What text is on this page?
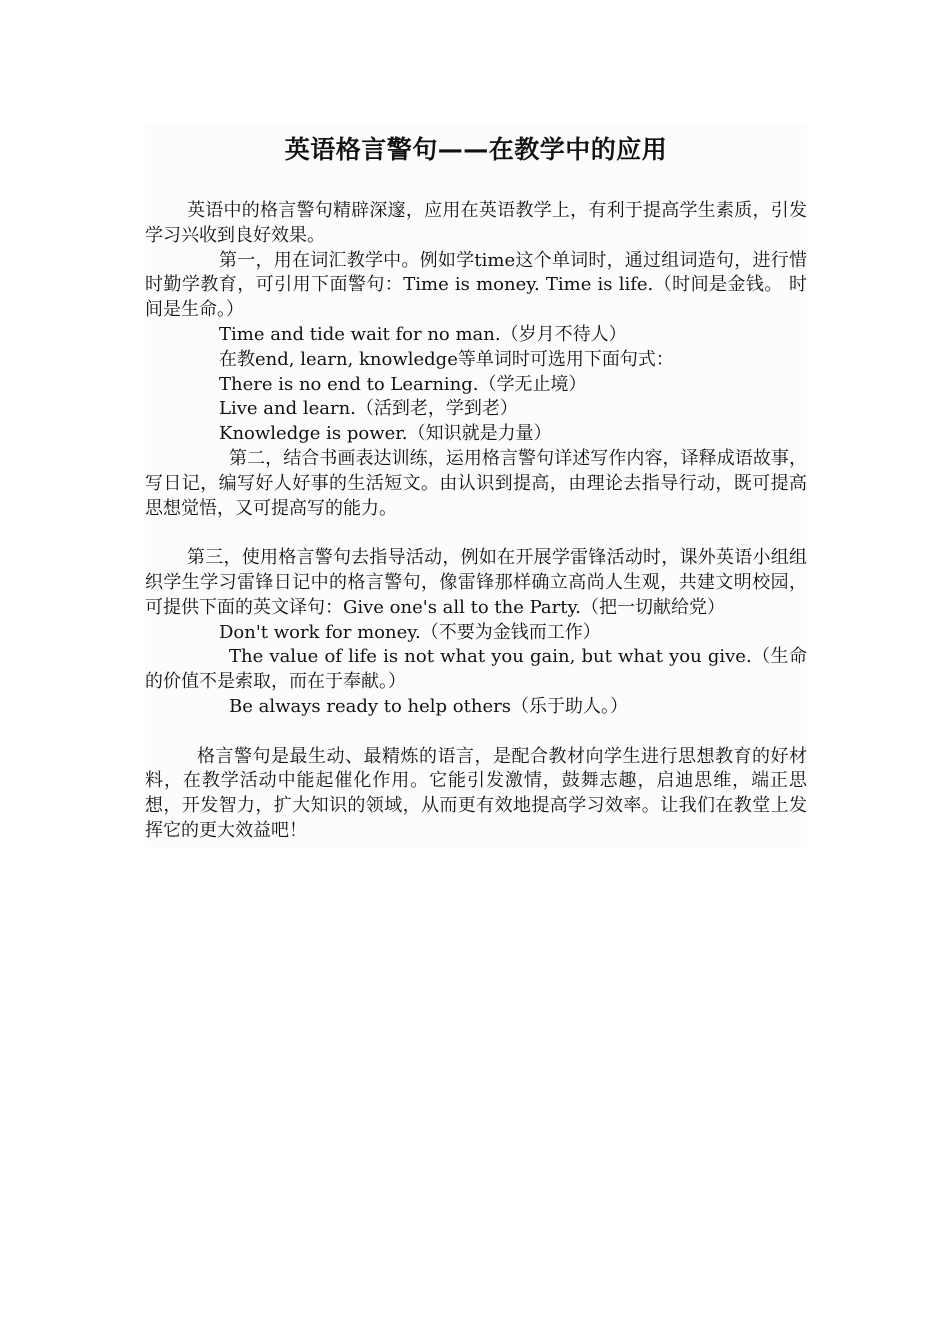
英语格言警句——在教学中的应用

英语中的格言警句精辟深邃，应用在英语教学上，有利于提高学生素质，引发学习兴收到良好效果。

第一，用在词汇教学中。例如学time这个单词时，通过组词造句，进行惜时勤学教育，可引用下面警句：Time is money. Time is life.（时间是金钱。 时间是生命。）

Time and tide wait for no man.（岁月不待人）

在教end, learn, knowledge等单词时可选用下面句式：

There is no end to Learning.（学无止境）

Live and learn.（活到老，学到老）

Knowledge is power.（知识就是力量）

第二，结合书画表达训练，运用格言警句详述写作内容，译释成语故事，写日记，编写好人好事的生活短文。由认识到提高，由理论去指导行动，既可提高思想觉悟，又可提高写的能力。

第三，使用格言警句去指导活动，例如在开展学雷锋活动时，课外英语小组组织学生学习雷锋日记中的格言警句，像雷锋那样确立高尚人生观，共建文明校园，可提供下面的英文译句：Give one's all to the Party.（把一切献给党）

Don't work for money.（不要为金钱而工作）

The value of life is not what you gain, but what you give.（生命的价值不是索取，而在于奉献。）

Be always ready to help others（乐于助人。）

格言警句是最生动、最精炼的语言，是配合教材向学生进行思想教育的好材料，在教学活动中能起催化作用。它能引发激情，鼓舞志趣，启迪思维，端正思想，开发智力，扩大知识的领域，从而更有效地提高学习效率。让我们在教堂上发挥它的更大效益吧！
